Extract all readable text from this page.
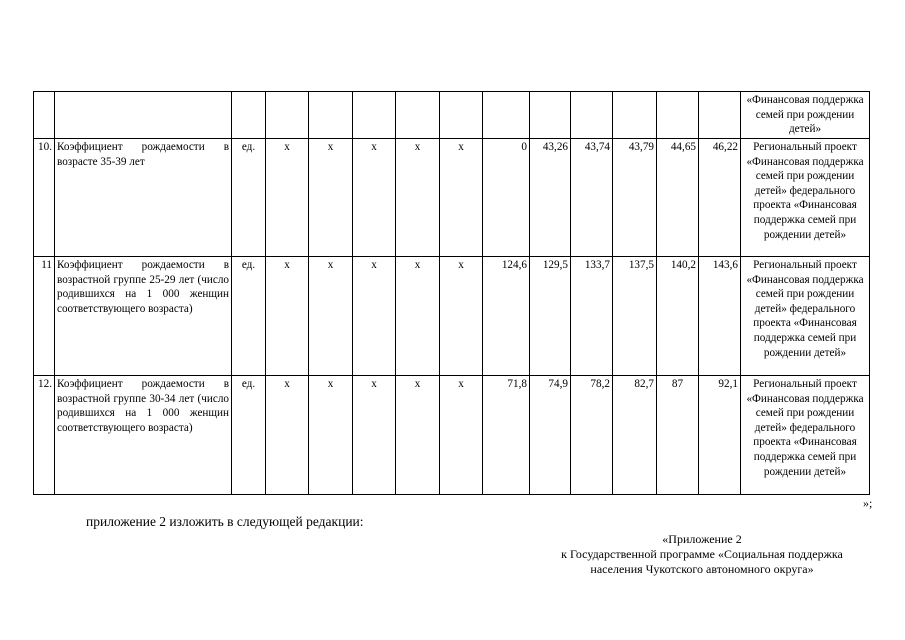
														«Финансовая поддержка семей при рождении детей»
10.	Коэффициент рождаемости в возрасте 35-39 лет	ед.	x	x	x	x	x	0	43,26	43,74	43,79	44,65	46,22	Региональный проект «Финансовая поддержка семей при рождении детей» федерального проекта «Финансовая поддержка семей при рождении детей»
11	Коэффициент рождаемости в возрастной группе 25-29 лет (число родившихся на 1 000 женщин соответствующего возраста)	ед.	x	x	x	x	x	124,6	129,5	133,7	137,5	140,2	143,6	Региональный проект «Финансовая поддержка семей при рождении детей» федерального проекта «Финансовая поддержка семей при рождении детей»
12.	Коэффициент рождаемости в возрастной группе 30-34 лет (число родившихся на 1 000 женщин соответствующего возраста)	ед.	x	x	x	x	x	71,8	74,9	78,2	82,7	87	92,1	Региональный проект «Финансовая поддержка семей при рождении детей» федерального проекта «Финансовая поддержка семей при рождении детей»
»;
приложение 2 изложить в следующей редакции:
«Приложение 2
к Государственной программе «Социальная поддержка
населения Чукотского автономного округа»
